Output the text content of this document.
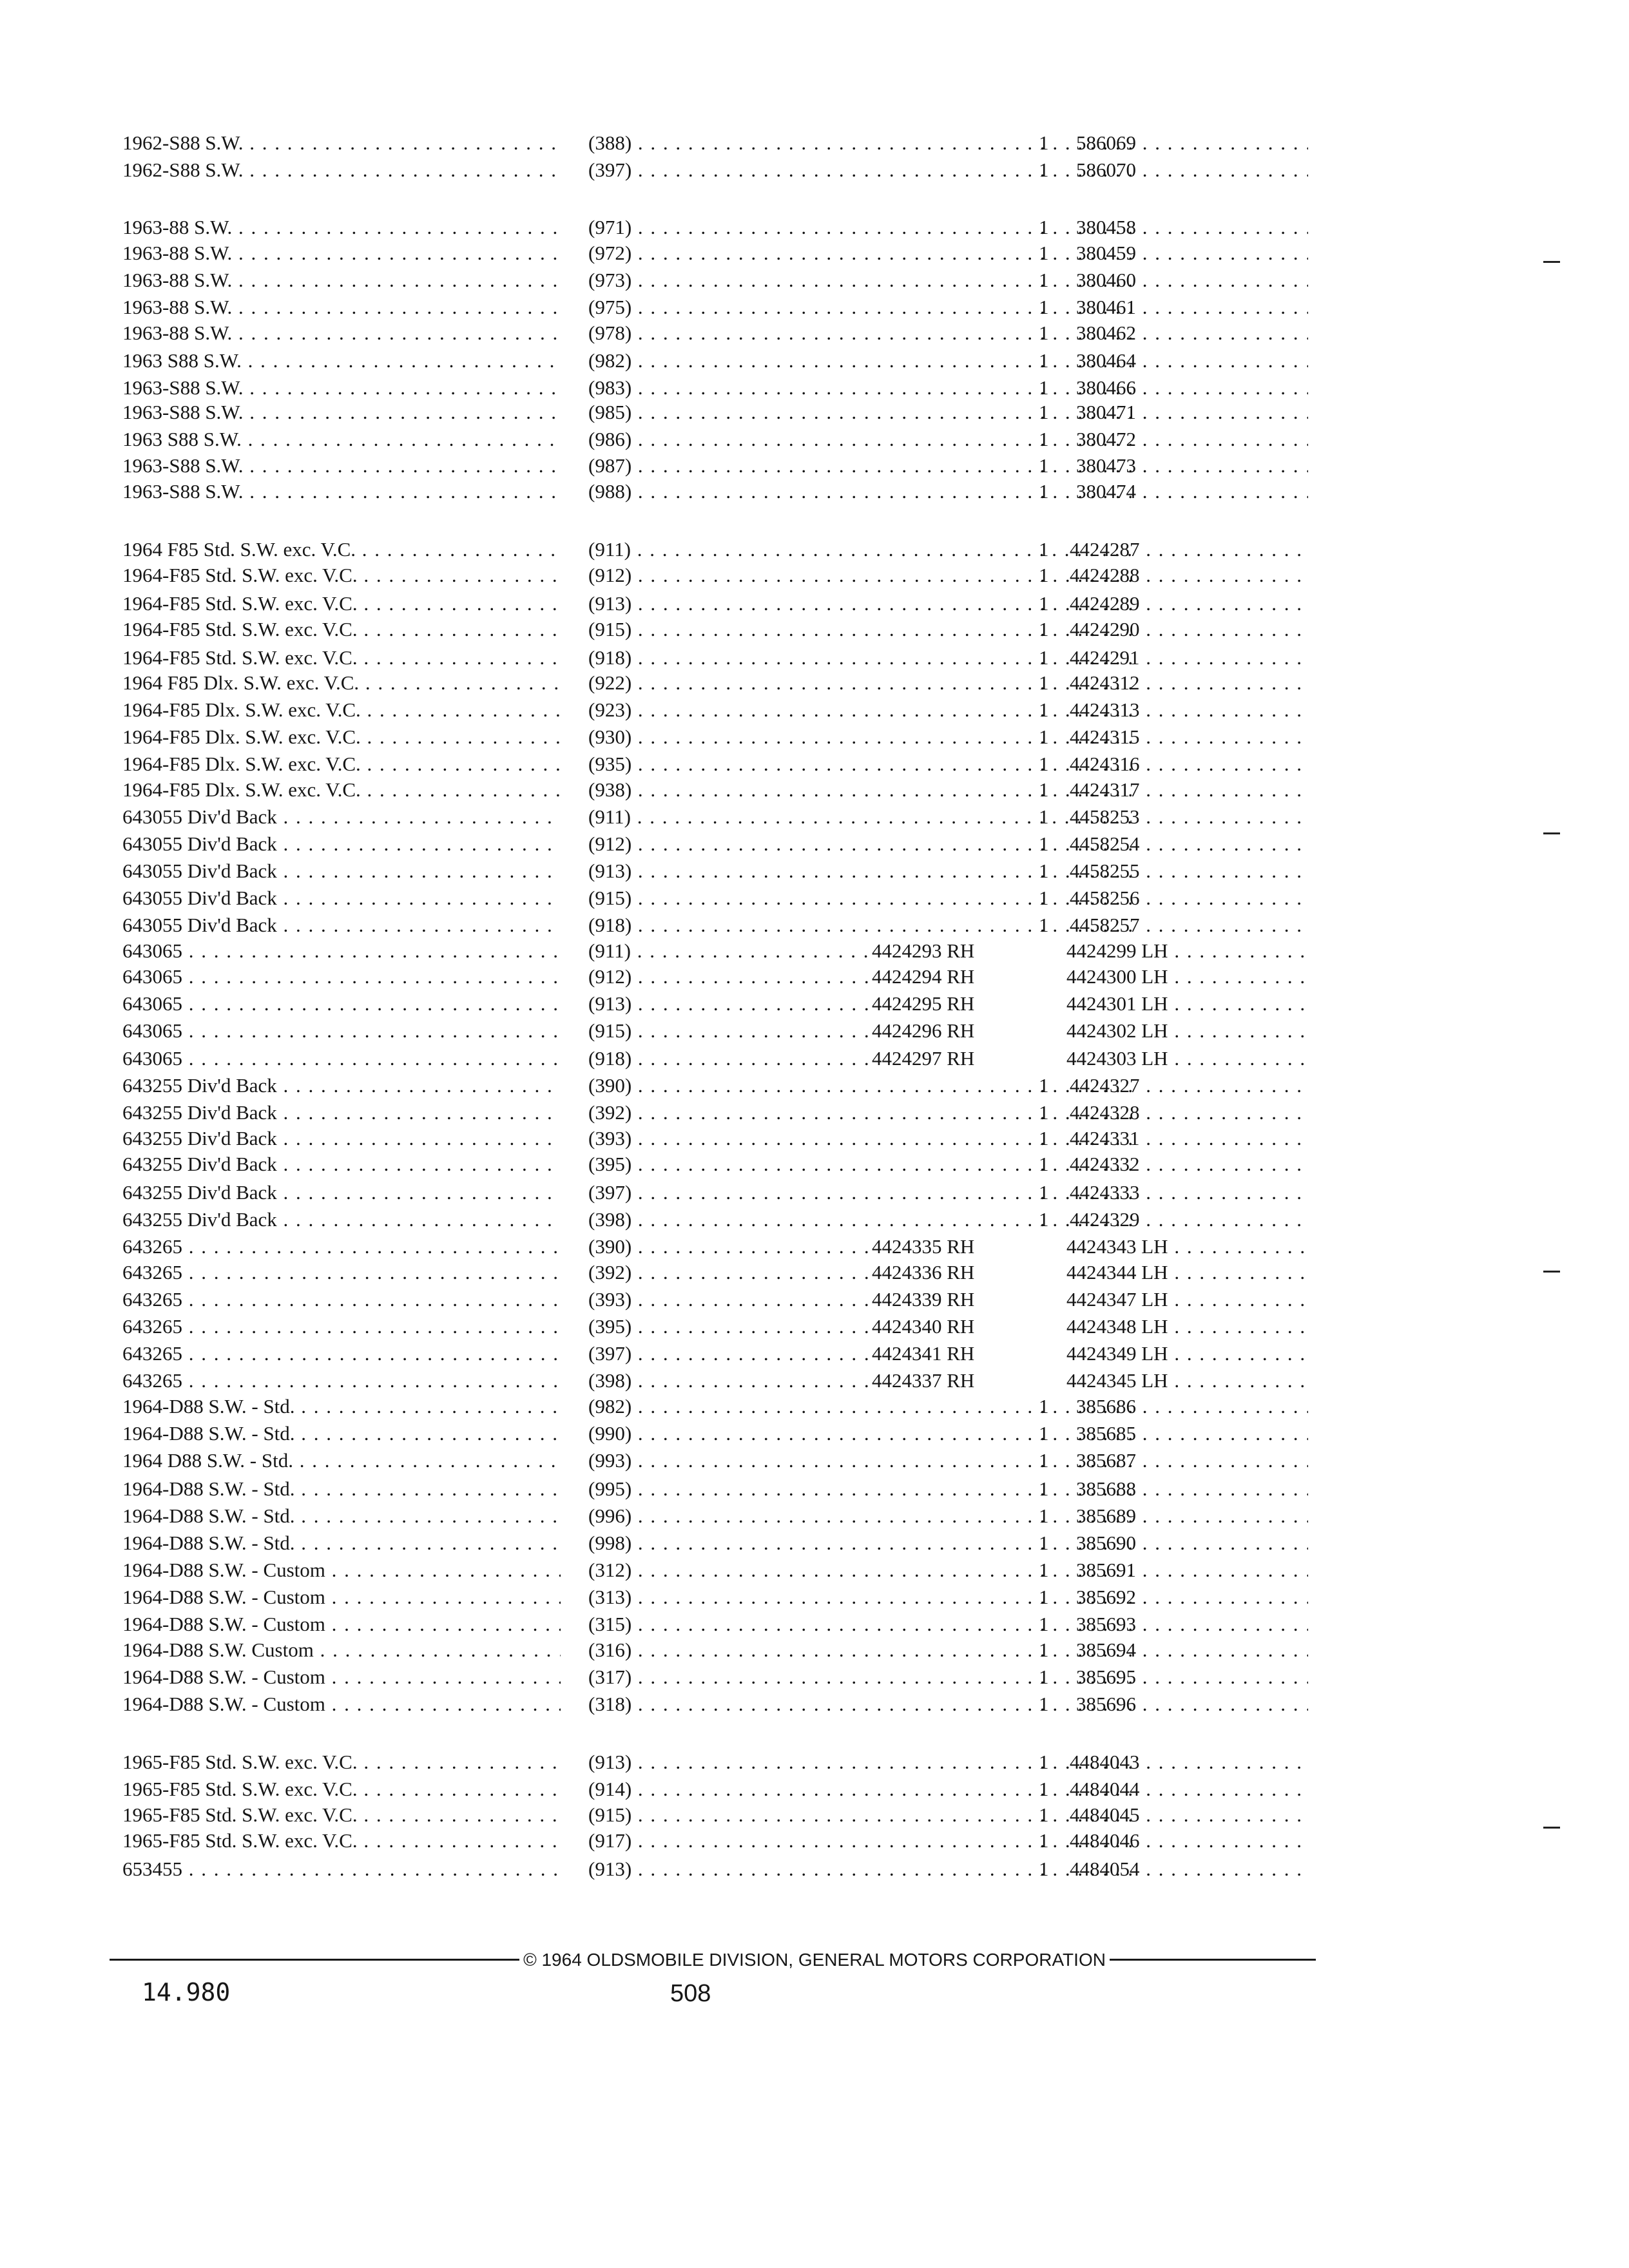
1962-S88 S.W. . . .	(388) . . .	1	586069 . . .
1962-S88 S.W. . . .	(397) . . .	1	586070 . . .
1963-88 S.W. . . .	(971) . . .	1	380458 . . .
1963-88 S.W. . . .	(972) . . .	1	380459 . . .
1963-88 S.W. . . .	(973) . . .	1	380460 . . .
1963-88 S.W. . . .	(975) . . .	1	380461 . . .
1963-88 S.W. . . .	(978) . . .	1	380462 . . .
1963 S88 S.W. . . .	(982) . . .	1	380464 . . .
1963-S88 S.W. . . .	(983) . . .	1	380466 . . .
1963-S88 S.W. . . .	(985) . . .	1	380471 . . .
1963 S88 S.W. . . .	(986) . . .	1	380472 . . .
1963-S88 S.W. . . .	(987) . . .	1	380473 . . .
1963-S88 S.W. . . .	(988) . . .	1	380474 . . .
1964 F85 Std. S.W. exc. V.C. . . .	(911) . . .	1	4424287 . . .
1964-F85 Std. S.W. exc. V.C. . . .	(912) . . .	1	4424288 . . .
1964-F85 Std. S.W. exc. V.C. . . .	(913) . . .	1	4424289 . . .
1964-F85 Std. S.W. exc. V.C. . . .	(915) . . .	1	4424290 . . .
1964-F85 Std. S.W. exc. V.C. . . .	(918) . . .	1	4424291 . . .
1964 F85 Dlx. S.W. exc. V.C. . . .	(922) . . .	1	4424312 . . .
1964-F85 Dlx. S.W. exc. V.C. . . .	(923) . . .	1	4424313 . . .
1964-F85 Dlx. S.W. exc. V.C. . . .	(930) . . .	1	4424315 . . .
1964-F85 Dlx. S.W. exc. V.C. . . .	(935) . . .	1	4424316 . . .
1964-F85 Dlx. S.W. exc. V.C. . . .	(938) . . .	1	4424317 . . .
643055 Div'd Back . . .	(911) . . .	1	4458253 . . .
643055 Div'd Back . . .	(912) . . .	1	4458254 . . .
643055 Div'd Back . . .	(913) . . .	1	4458255 . . .
643055 Div'd Back . . .	(915) . . .	1	4458256 . . .
643055 Div'd Back . . .	(918) . . .	1	4458257 . . .
643065 . . .	(911) . . .	4424293 RH	4424299 LH . . .
643065 . . .	(912) . . .	4424294 RH	4424300 LH . . .
643065 . . .	(913) . . .	4424295 RH	4424301 LH . . .
643065 . . .	(915) . . .	4424296 RH	4424302 LH . . .
643065 . . .	(918) . . .	4424297 RH	4424303 LH . . .
643255 Div'd Back . . .	(390) . . .	1	4424327 . . .
643255 Div'd Back . . .	(392) . . .	1	4424328 . . .
643255 Div'd Back . . .	(393) . . .	1	4424331 . . .
643255 Div'd Back . . .	(395) . . .	1	4424332 . . .
643255 Div'd Back . . .	(397) . . .	1	4424333 . . .
643255 Div'd Back . . .	(398) . . .	1	4424329 . . .
643265 . . .	(390) . . .	4424335 RH	4424343 LH . . .
643265 . . .	(392) . . .	4424336 RH	4424344 LH . . .
643265 . . .	(393) . . .	4424339 RH	4424347 LH . . .
643265 . . .	(395) . . .	4424340 RH	4424348 LH . . .
643265 . . .	(397) . . .	4424341 RH	4424349 LH . . .
643265 . . .	(398) . . .	4424337 RH	4424345 LH . . .
1964-D88 S.W. - Std. . . .	(982) . . .	1	385686 . . .
1964-D88 S.W. - Std. . . .	(990) . . .	1	385685 . . .
1964 D88 S.W. - Std. . . .	(993) . . .	1	385687 . . .
1964-D88 S.W. - Std. . . .	(995) . . .	1	385688 . . .
1964-D88 S.W. - Std. . . .	(996) . . .	1	385689 . . .
1964-D88 S.W. - Std. . . .	(998) . . .	1	385690 . . .
1964-D88 S.W. - Custom . . .	(312) . . .	1	385691 . . .
1964-D88 S.W. - Custom . . .	(313) . . .	1	385692 . . .
1964-D88 S.W. - Custom . . .	(315) . . .	1	385693 . . .
1964-D88 S.W. Custom . . .	(316) . . .	1	385694 . . .
1964-D88 S.W. - Custom . . .	(317) . . .	1	385695 . . .
1964-D88 S.W. - Custom . . .	(318) . . .	1	385696 . . .
1965-F85 Std. S.W. exc. V.C. . . .	(913) . . .	1	4484043 . . .
1965-F85 Std. S.W. exc. V.C. . . .	(914) . . .	1	4484044 . . .
1965-F85 Std. S.W. exc. V.C. . . .	(915) . . .	1	4484045 . . .
1965-F85 Std. S.W. exc. V.C. . . .	(917) . . .	1	4484046 . . .
653455 . . .	(913) . . .	1	4484054 . . .
© 1964 OLDSMOBILE DIVISION, GENERAL MOTORS CORPORATION
14.980	508
